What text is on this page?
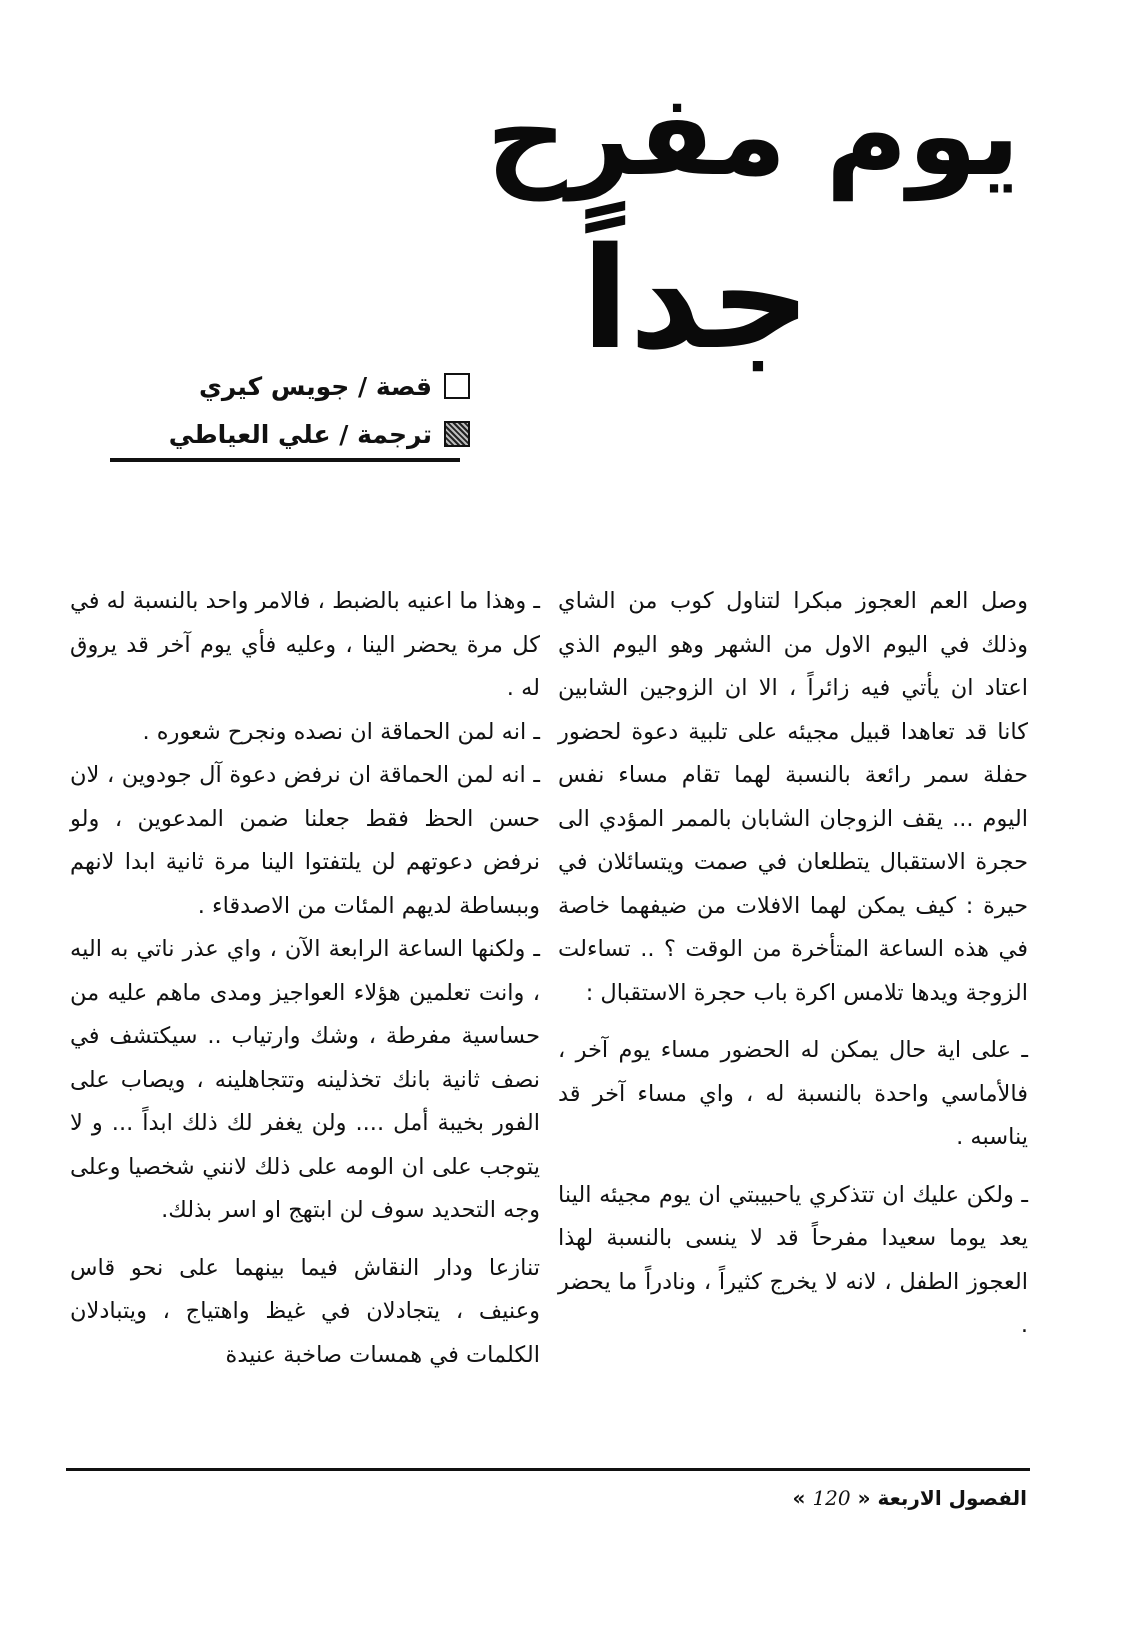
يوم مفرح
جداً
قصة / جويس كيري
ترجمة / علي العياطي

وصل العم العجوز مبكرا لتناول كوب من الشاي وذلك في اليوم الاول من الشهر وهو اليوم الذي اعتاد ان يأتي فيه زائراً ، الا ان الزوجين الشابين كانا قد تعاهدا قبيل مجيئه على تلبية دعوة لحضور حفلة سمر رائعة بالنسبة لهما تقام مساء نفس اليوم ... يقف الزوجان الشابان بالممر المؤدي الى حجرة الاستقبال يتطلعان في صمت ويتسائلان في حيرة : كيف يمكن لهما الافلات من ضيفهما خاصة في هذه الساعة المتأخرة من الوقت ؟ .. تساءلت الزوجة ويدها تلامس اكرة باب حجرة الاستقبال :

ـ على اية حال يمكن له الحضور مساء يوم آخر ، فالأماسي واحدة بالنسبة له ، واي مساء آخر قد يناسبه .

ـ ولكن عليك ان تتذكري ياحبيبتي ان يوم مجيئه الينا يعد يوما سعيدا مفرحاً قد لا ينسى بالنسبة لهذا العجوز الطفل ، لانه لا يخرج كثيراً ، ونادراً ما يحضر .

ـ وهذا ما اعنيه بالضبط ، فالامر واحد بالنسبة له في كل مرة يحضر الينا ، وعليه فأي يوم آخر قد يروق له .

ـ انه لمن الحماقة ان نصده ونجرح شعوره .

ـ انه لمن الحماقة ان نرفض دعوة آل جودوين ، لان حسن الحظ فقط جعلنا ضمن المدعوين ، ولو نرفض دعوتهم لن يلتفتوا الينا مرة ثانية ابدا لانهم وببساطة لديهم المئات من الاصدقاء .

ـ ولكنها الساعة الرابعة الآن ، واي عذر ناتي به اليه ، وانت تعلمين هؤلاء العواجيز ومدى ماهم عليه من حساسية مفرطة ، وشك وارتياب .. سيكتشف في نصف ثانية بانك تخذلينه وتتجاهلينه ، ويصاب على الفور بخيبة أمل .... ولن يغفر لك ذلك ابداً ... و لا يتوجب على ان الومه على ذلك لانني شخصيا وعلى وجه التحديد سوف لن ابتهج او اسر بذلك.

تنازعا ودار النقاش فيما بينهما على نحو قاس وعنيف ، يتجادلان في غيظ واهتياج ، ويتبادلان الكلمات في همسات صاخبة عنيدة

الفصول الاربعة « 120 »
